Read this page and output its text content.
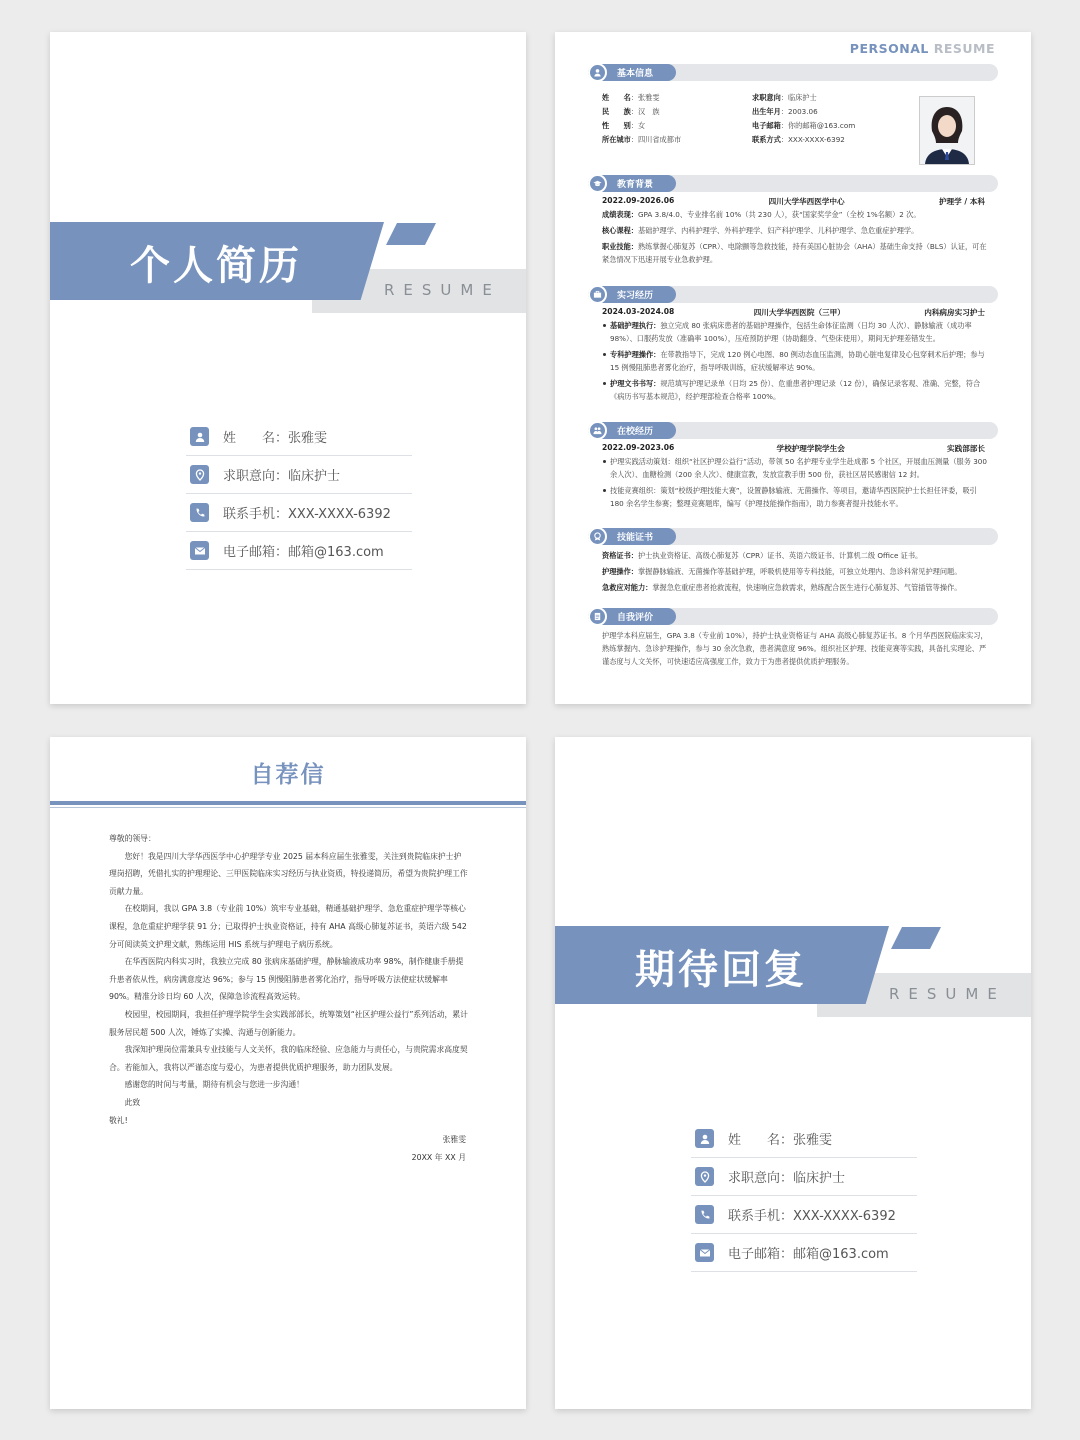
个人简历
RESUME
姓　　名：张雅雯
求职意向：临床护士
联系手机：XXX-XXXX-6392
电子邮箱：邮箱@163.com
PERSONAL RESUME
基本信息
姓　　名：张雅雯	求职意向：临床护士
民　　族：汉　族	出生年月：2003.06
性　　别：女	电子邮箱：你的邮箱@163.com
所在城市：四川省成都市	联系方式：XXX-XXXX-6392
教育背景
2022.09-2026.06	四川大学华西医学中心	护理学 / 本科
成绩表现：GPA 3.8/4.0、专业排名前 10%（共 230 人），获“国家奖学金”（全校 1%名额）2 次。
核心课程：基础护理学、内科护理学、外科护理学、妇产科护理学、儿科护理学、急危重症护理学。
职业技能：熟练掌握心肺复苏（CPR）、电除颤等急救技能，持有美国心脏协会（AHA）基础生命支持（BLS）认证，可在紧急情况下迅速开展专业急救护理。
实习经历
2024.03-2024.08	四川大学华西医院（三甲）	内科病房实习护士
基础护理执行：独立完成 80 张病床患者的基础护理操作，包括生命体征监测（日均 30 人次）、静脉输液（成功率 98%）、口服药发放（准确率 100%），压疮预防护理（协助翻身、气垫床使用），期间无护理差错发生。
专科护理操作：在带教指导下，完成 120 例心电图、80 例动态血压监测，协助心脏电复律及心包穿刺术后护理；参与 15 例慢阻肺患者雾化治疗，指导呼吸训练，症状缓解率达 90%。
护理文书书写：规范填写护理记录单（日均 25 份）、危重患者护理记录（12 份），确保记录客观、准确、完整，符合《病历书写基本规范》，经护理部检查合格率 100%。
在校经历
2022.09-2023.06	学校护理学院学生会	实践部部长
护理实践活动策划：组织“社区护理公益行”活动，带领 50 名护理专业学生赴成都 5 个社区，开展血压测量（服务 300 余人次）、血糖检测（200 余人次）、健康宣教，发放宣教手册 500 份，获社区居民感谢信 12 封。
技能竞赛组织：策划“校级护理技能大赛”，设置静脉输液、无菌操作、等项目，邀请华西医院护士长担任评委，吸引 180 余名学生参赛；整理竞赛题库，编写《护理技能操作指南》，助力参赛者提升技能水平。
技能证书
资格证书：护士执业资格证、高级心肺复苏（CPR）证书、英语六级证书、计算机二级 Office 证书。
护理操作：掌握静脉输液、无菌操作等基础护理，呼吸机使用等专科技能，可独立处理内、急诊科常见护理问题。
急救应对能力：掌握急危重症患者抢救流程，快速响应急救需求，熟练配合医生进行心肺复苏、气管插管等操作。
自我评价
护理学本科应届生，GPA 3.8（专业前 10%），持护士执业资格证与 AHA 高级心肺复苏证书。8 个月华西医院临床实习，熟练掌握内、急诊护理操作，参与 30 余次急救，患者满意度 96%。组织社区护理、技能竞赛等实践，具备扎实理论、严谨态度与人文关怀，可快速适应高强度工作，致力于为患者提供优质护理服务。
自荐信

尊敬的领导：

您好！我是四川大学华西医学中心护理学专业 2025 届本科应届生张雅雯，关注到贵院临床护士护理岗招聘，凭借扎实的护理理论、三甲医院临床实习经历与执业资质，特投递简历，希望为贵院护理工作贡献力量。

在校期间，我以 GPA 3.8（专业前 10%）筑牢专业基础，精通基础护理学、急危重症护理学等核心课程，急危重症护理学获 91 分；已取得护士执业资格证，持有 AHA 高级心肺复苏证书，英语六级 542 分可阅读英文护理文献，熟练运用 HIS 系统与护理电子病历系统。

在华西医院内科实习时，我独立完成 80 张病床基础护理，静脉输液成功率 98%，制作健康手册提升患者依从性，病房满意度达 96%；参与 15 例慢阻肺患者雾化治疗，指导呼吸方法使症状缓解率 90%。精准分诊日均 60 人次，保障急诊流程高效运转。

校园里，校园期间，我担任护理学院学生会实践部部长，统筹策划“社区护理公益行”系列活动，累计服务居民超 500 人次，锤炼了实操、沟通与创新能力。

我深知护理岗位需兼具专业技能与人文关怀，我的临床经验、应急能力与责任心，与贵院需求高度契合。若能加入，我将以严谨态度与爱心，为患者提供优质护理服务，助力团队发展。

感谢您的时间与考量，期待有机会与您进一步沟通！

此致

敬礼!

张雅雯

20XX 年 XX 月

期待回复
RESUME
姓　　名：张雅雯
求职意向：临床护士
联系手机：XXX-XXXX-6392
电子邮箱：邮箱@163.com
